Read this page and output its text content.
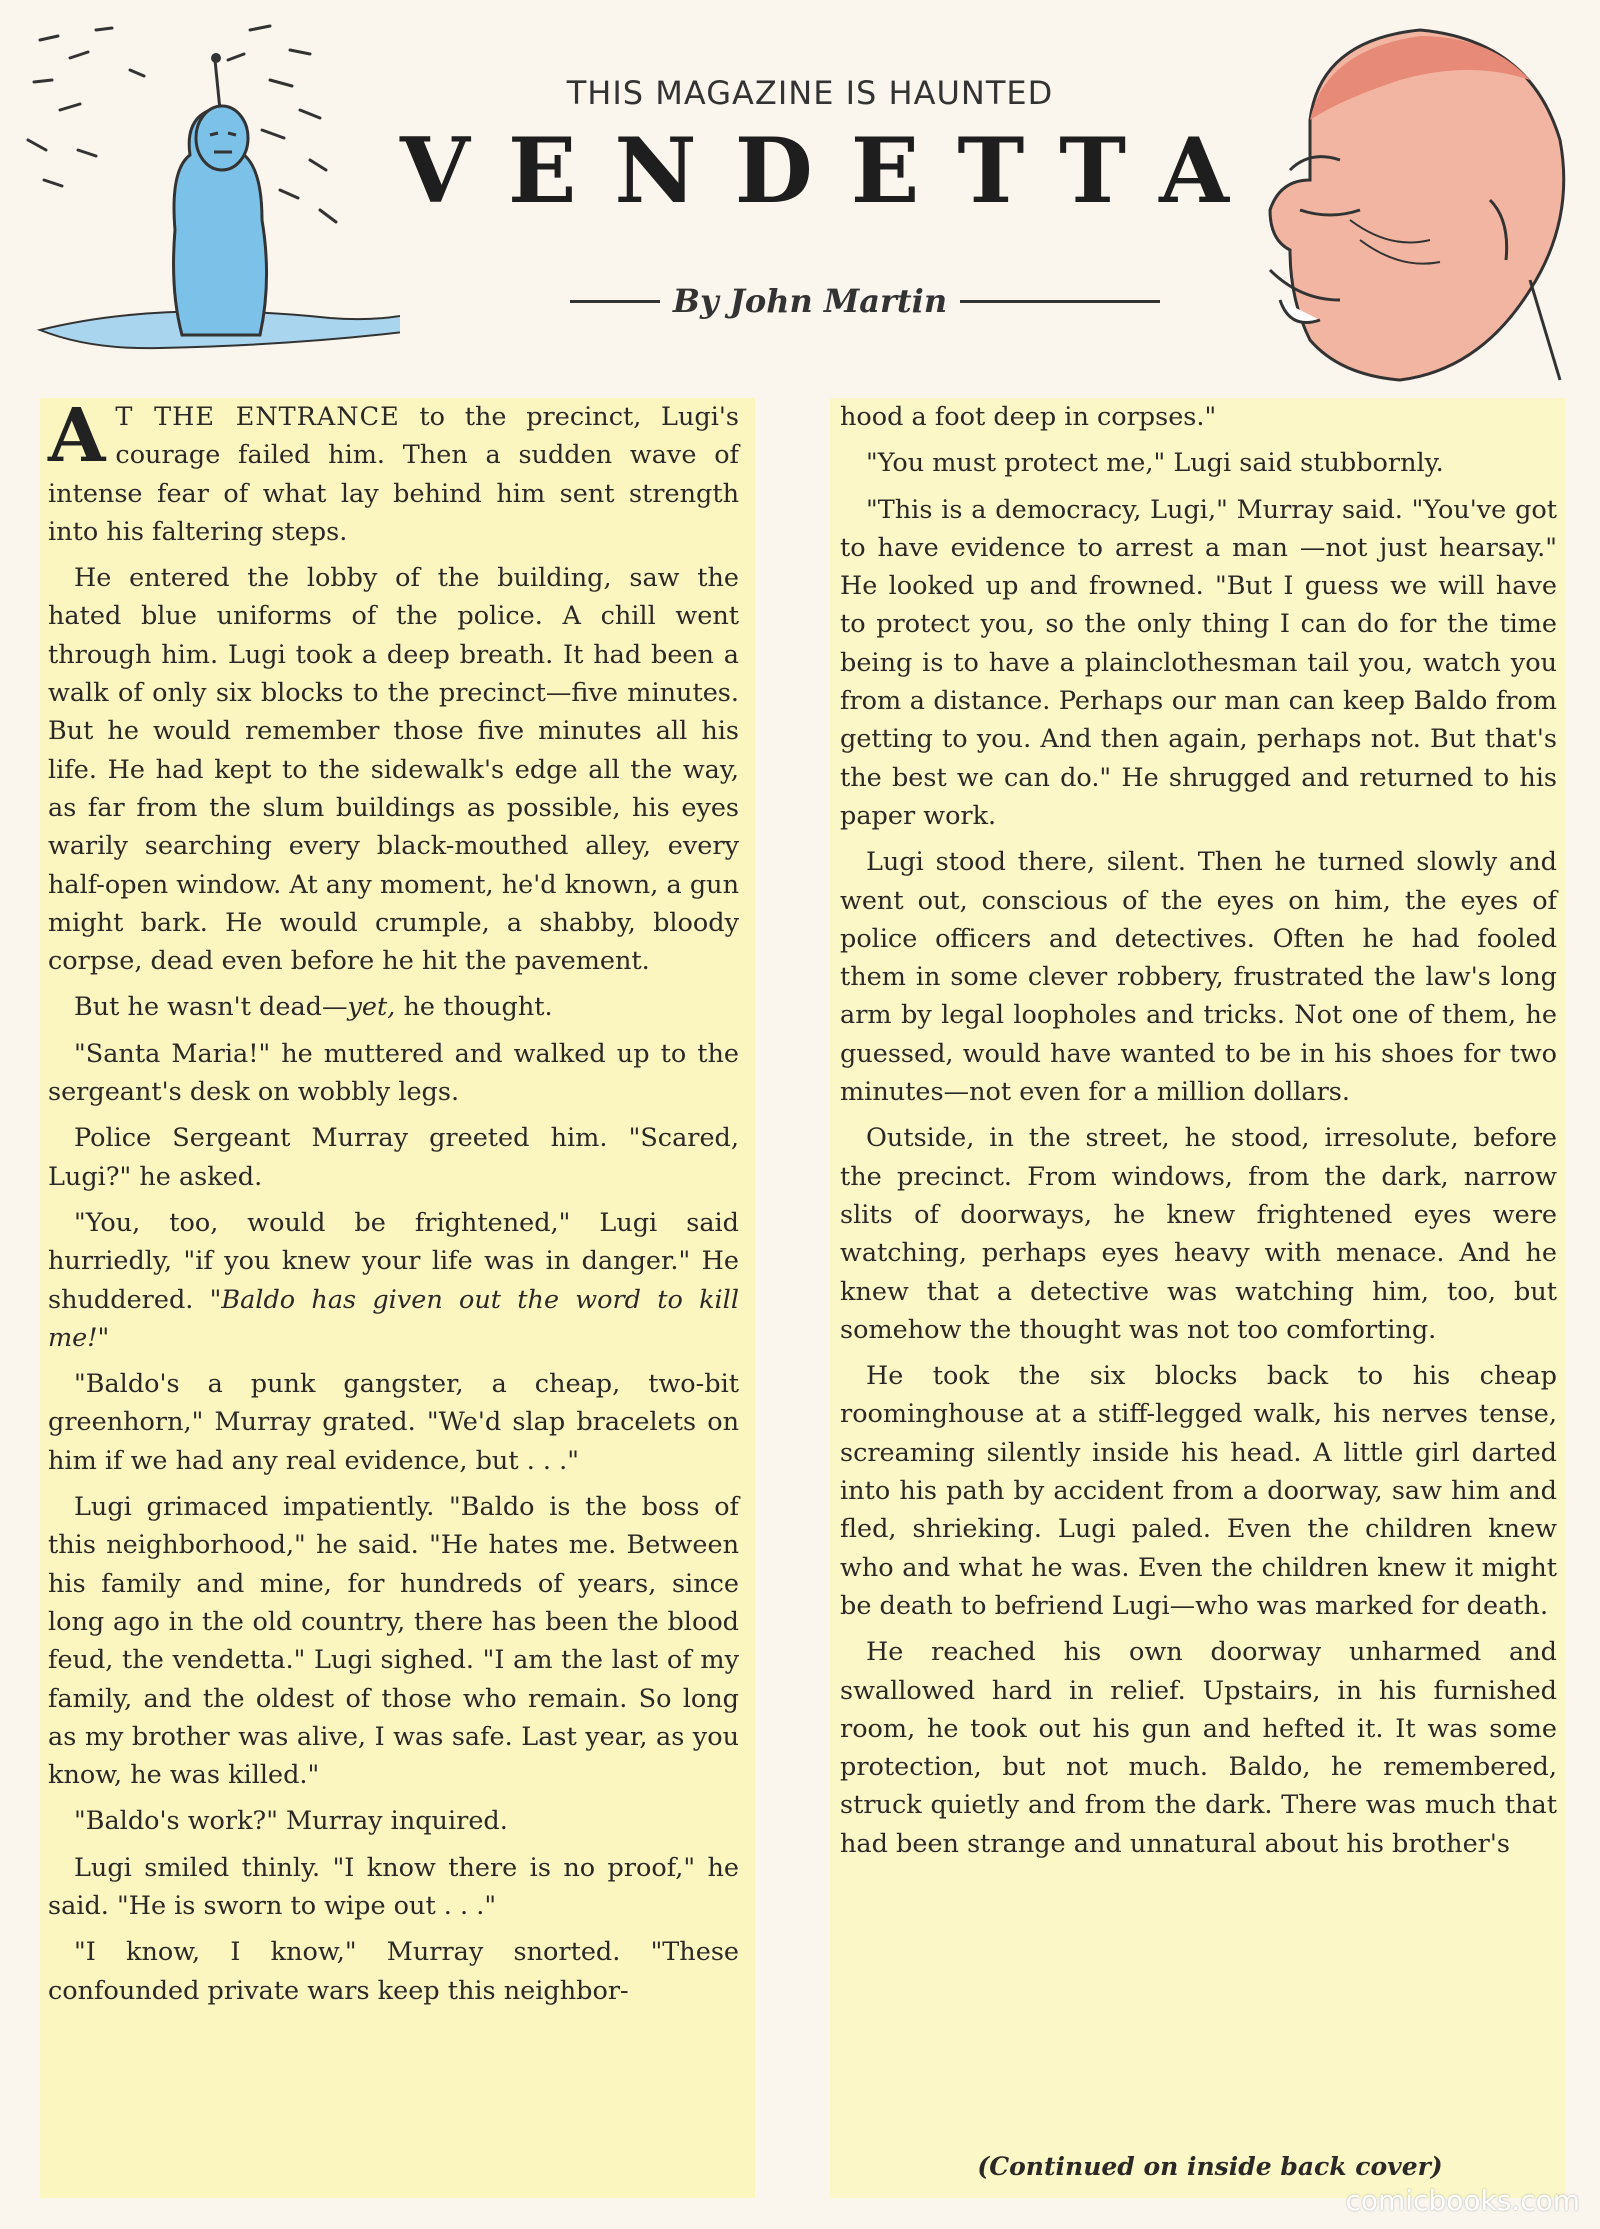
THIS MAGAZINE IS HAUNTED
VENDETTA
By John Martin

A T THE ENTRANCE to the precinct, Lugi's courage failed him. Then a sudden wave of intense fear of what lay behind him sent strength into his faltering steps.

He entered the lobby of the building, saw the hated blue uniforms of the police. A chill went through him. Lugi took a deep breath. It had been a walk of only six blocks to the precinct—five minutes. But he would remember those five minutes all his life. He had kept to the sidewalk's edge all the way, as far from the slum buildings as possible, his eyes warily searching every black-mouthed alley, every half-open window. At any moment, he'd known, a gun might bark. He would crumple, a shabby, bloody corpse, dead even before he hit the pavement.

But he wasn't dead—yet, he thought.

"Santa Maria!" he muttered and walked up to the sergeant's desk on wobbly legs.

Police Sergeant Murray greeted him. "Scared, Lugi?" he asked.

"You, too, would be frightened," Lugi said hurriedly, "if you knew your life was in danger." He shuddered. "Baldo has given out the word to kill me!"

"Baldo's a punk gangster, a cheap, two-bit greenhorn," Murray grated. "We'd slap bracelets on him if we had any real evidence, but . . ."

Lugi grimaced impatiently. "Baldo is the boss of this neighborhood," he said. "He hates me. Between his family and mine, for hundreds of years, since long ago in the old country, there has been the blood feud, the vendetta." Lugi sighed. "I am the last of my family, and the oldest of those who remain. So long as my brother was alive, I was safe. Last year, as you know, he was killed."

"Baldo's work?" Murray inquired.

Lugi smiled thinly. "I know there is no proof," he said. "He is sworn to wipe out . . ."

"I know, I know," Murray snorted. "These confounded private wars keep this neighbor-

hood a foot deep in corpses."

"You must protect me," Lugi said stubbornly.

"This is a democracy, Lugi," Murray said. "You've got to have evidence to arrest a man —not just hearsay." He looked up and frowned. "But I guess we will have to protect you, so the only thing I can do for the time being is to have a plainclothesman tail you, watch you from a distance. Perhaps our man can keep Baldo from getting to you. And then again, perhaps not. But that's the best we can do." He shrugged and returned to his paper work.

Lugi stood there, silent. Then he turned slowly and went out, conscious of the eyes on him, the eyes of police officers and detectives. Often he had fooled them in some clever robbery, frustrated the law's long arm by legal loopholes and tricks. Not one of them, he guessed, would have wanted to be in his shoes for two minutes—not even for a million dollars.

Outside, in the street, he stood, irresolute, before the precinct. From windows, from the dark, narrow slits of doorways, he knew frightened eyes were watching, perhaps eyes heavy with menace. And he knew that a detective was watching him, too, but somehow the thought was not too comforting.

He took the six blocks back to his cheap roominghouse at a stiff-legged walk, his nerves tense, screaming silently inside his head. A little girl darted into his path by accident from a doorway, saw him and fled, shrieking. Lugi paled. Even the children knew who and what he was. Even the children knew it might be death to befriend Lugi—who was marked for death.

He reached his own doorway unharmed and swallowed hard in relief. Upstairs, in his furnished room, he took out his gun and hefted it. It was some protection, but not much. Baldo, he remembered, struck quietly and from the dark. There was much that had been strange and unnatural about his brother's

(Continued on inside back cover)
comicbooks.com
